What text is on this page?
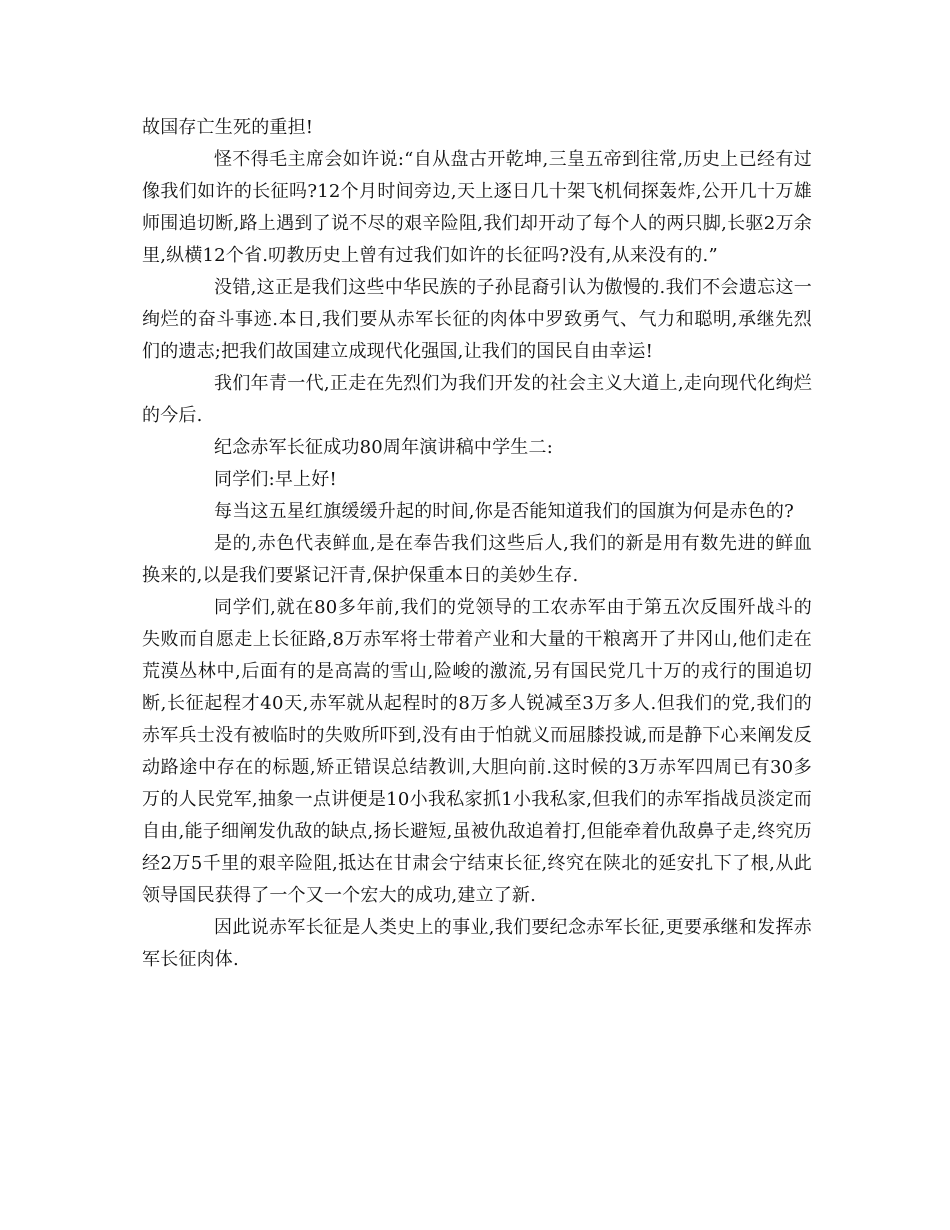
故国存亡生死的重担!

怪不得毛主席会如许说:“自从盘古开乾坤,三皇五帝到往常,历史上已经有过像我们如许的长征吗?12个月时间旁边,天上逐日几十架飞机伺探轰炸,公开几十万雄师围追切断,路上遇到了说不尽的艰辛险阻,我们却开动了每个人的两只脚,长驱2万余里,纵横12个省.叨教历史上曾有过我们如许的长征吗?没有,从来没有的.”

没错,这正是我们这些中华民族的子孙昆裔引认为傲慢的.我们不会遗忘这一绚烂的奋斗事迹.本日,我们要从赤军长征的肉体中罗致勇气、气力和聪明,承继先烈们的遗志;把我们故国建立成现代化强国,让我们的国民自由幸运!

我们年青一代,正走在先烈们为我们开发的社会主义大道上,走向现代化绚烂的今后.

纪念赤军长征成功80周年演讲稿中学生二:

同学们:早上好!

每当这五星红旗缓缓升起的时间,你是否能知道我们的国旗为何是赤色的?

是的,赤色代表鲜血,是在奉告我们这些后人,我们的新是用有数先进的鲜血换来的,以是我们要紧记汗青,保护保重本日的美妙生存.

同学们,就在80多年前,我们的党领导的工农赤军由于第五次反围歼战斗的失败而自愿走上长征路,8万赤军将士带着产业和大量的干粮离开了井冈山,他们走在荒漠丛林中,后面有的是高嵩的雪山,险峻的激流,另有国民党几十万的戎行的围追切断,长征起程才40天,赤军就从起程时的8万多人锐减至3万多人.但我们的党,我们的赤军兵士没有被临时的失败所吓到,没有由于怕就义而屈膝投诚,而是静下心来阐发反动路途中存在的标题,矫正错误总结教训,大胆向前.这时候的3万赤军四周已有30多万的人民党军,抽象一点讲便是10小我私家抓1小我私家,但我们的赤军指战员淡定而自由,能子细阐发仇敌的缺点,扬长避短,虽被仇敌追着打,但能牵着仇敌鼻子走,终究历经2万5千里的艰辛险阻,抵达在甘肃会宁结束长征,终究在陕北的延安扎下了根,从此领导国民获得了一个又一个宏大的成功,建立了新.

因此说赤军长征是人类史上的事业,我们要纪念赤军长征,更要承继和发挥赤军长征肉体.
